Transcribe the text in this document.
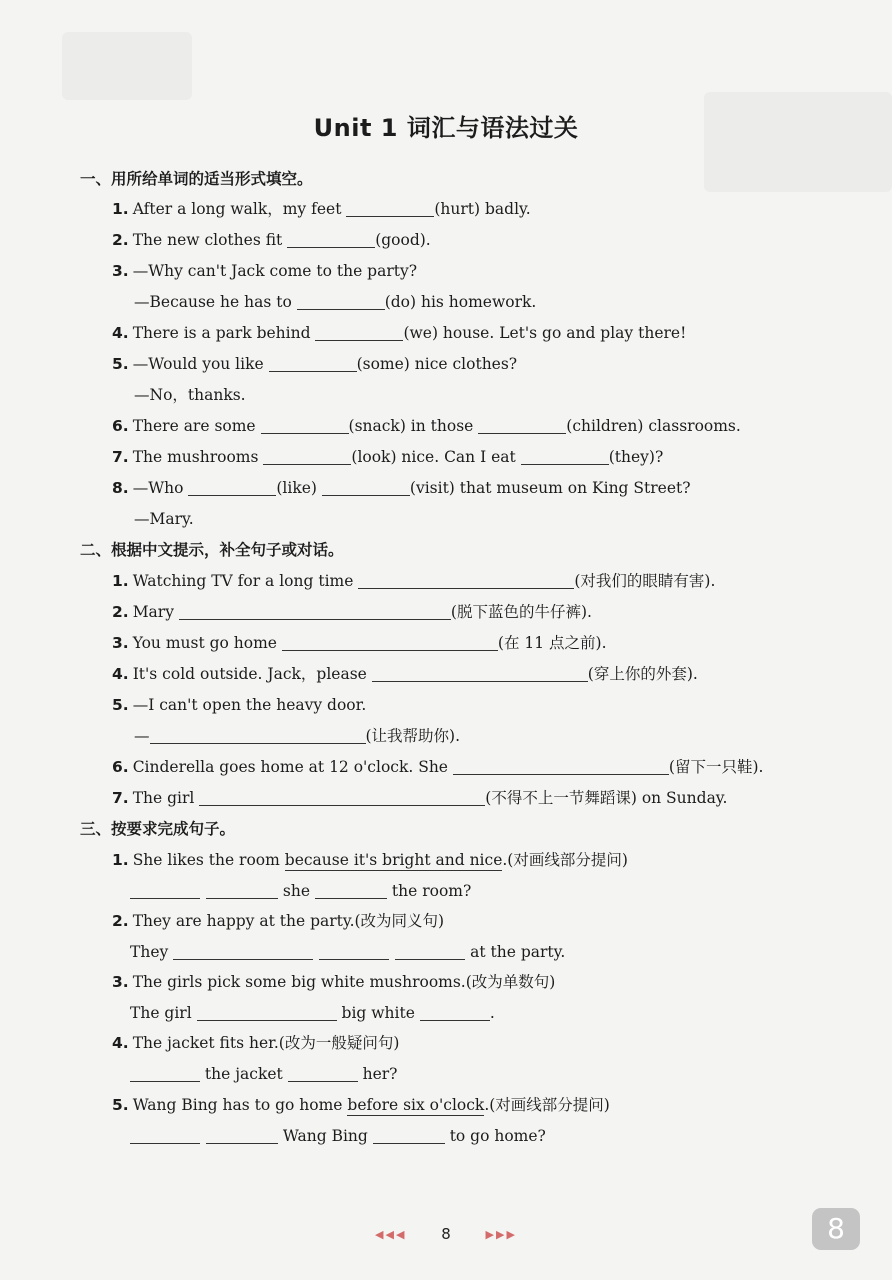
Unit 1 词汇与语法过关
一、用所给单词的适当形式填空。
1. After a long walk，my feet	(hurt) badly.
2. The new clothes fit	(good).
3. —Why can't Jack come to the party?
—Because he has to	(do) his homework.
4. There is a park behind	(we) house. Let's go and play there!
5. —Would you like	(some) nice clothes?
—No，thanks.
6. There are some	(snack) in those	(children) classrooms.
7. The mushrooms	(look) nice. Can I eat	(they)?
8. —Who	(like)	(visit) that museum on King Street?
—Mary.
二、根据中文提示，补全句子或对话。
1. Watching TV for a long time	(对我们的眼睛有害).
2. Mary	(脱下蓝色的牛仔裤).
3. You must go home	(在 11 点之前).
4. It's cold outside. Jack，please	(穿上你的外套).
5. —I can't open the heavy door.
—	(让我帮助你).
6. Cinderella goes home at 12 o'clock. She	(留下一只鞋).
7. The girl	(不得不上一节舞蹈课) on Sunday.
三、按要求完成句子。
1. She likes the room because it's bright and nice.(对画线部分提问)
she	the room?
2. They are happy at the party.(改为同义句)
They	at the party.
3. The girls pick some big white mushrooms.(改为单数句)
The girl	big white	.
4. The jacket fits her.(改为一般疑问句)
the jacket	her?
5. Wang Bing has to go home before six o'clock.(对画线部分提问)
Wang Bing	to go home?
◀◀◀ 8	▶▶▶	8
